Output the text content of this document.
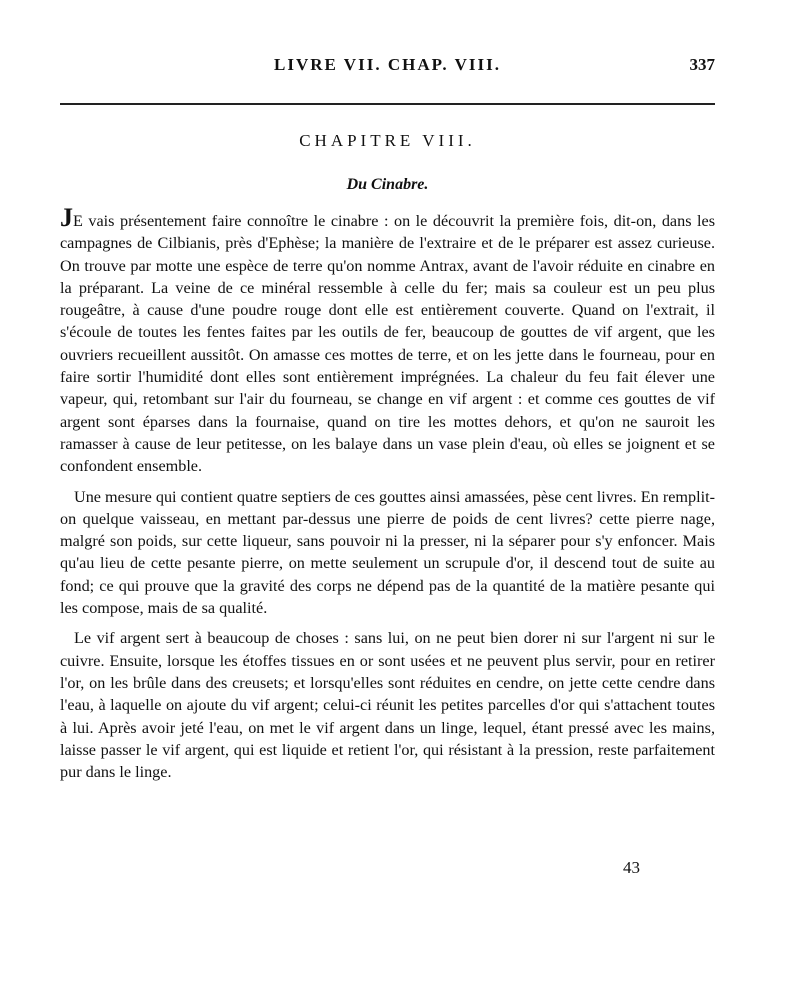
LIVRE VII. CHAP. VIII.	337
CHAPITRE VIII.
Du Cinabre.

JE vais présentement faire connoître le cinabre : on le découvrit la première fois, dit-on, dans les campagnes de Cilbianis, près d'Ephèse; la manière de l'extraire et de le préparer est assez curieuse. On trouve par motte une espèce de terre qu'on nomme Antrax, avant de l'avoir réduite en cinabre en la préparant. La veine de ce minéral ressemble à celle du fer; mais sa couleur est un peu plus rougeâtre, à cause d'une poudre rouge dont elle est entièrement couverte. Quand on l'extrait, il s'écoule de toutes les fentes faites par les outils de fer, beaucoup de gouttes de vif argent, que les ouvriers recueillent aussitôt. On amasse ces mottes de terre, et on les jette dans le fourneau, pour en faire sortir l'humidité dont elles sont entièrement imprégnées. La chaleur du feu fait élever une vapeur, qui, retombant sur l'air du fourneau, se change en vif argent : et comme ces gouttes de vif argent sont éparses dans la fournaise, quand on tire les mottes dehors, et qu'on ne sauroit les ramasser à cause de leur petitesse, on les balaye dans un vase plein d'eau, où elles se joignent et se confondent ensemble.

Une mesure qui contient quatre septiers de ces gouttes ainsi amassées, pèse cent livres. En remplit-on quelque vaisseau, en mettant par-dessus une pierre de poids de cent livres? cette pierre nage, malgré son poids, sur cette liqueur, sans pouvoir ni la presser, ni la séparer pour s'y enfoncer. Mais qu'au lieu de cette pesante pierre, on mette seulement un scrupule d'or, il descend tout de suite au fond; ce qui prouve que la gravité des corps ne dépend pas de la quantité de la matière pesante qui les compose, mais de sa qualité.

Le vif argent sert à beaucoup de choses : sans lui, on ne peut bien dorer ni sur l'argent ni sur le cuivre. Ensuite, lorsque les étoffes tissues en or sont usées et ne peuvent plus servir, pour en retirer l'or, on les brûle dans des creusets; et lorsqu'elles sont réduites en cendre, on jette cette cendre dans l'eau, à laquelle on ajoute du vif argent; celui-ci réunit les petites parcelles d'or qui s'attachent toutes à lui. Après avoir jeté l'eau, on met le vif argent dans un linge, lequel, étant pressé avec les mains, laisse passer le vif argent, qui est liquide et retient l'or, qui résistant à la pression, reste parfaitement pur dans le linge.

43
